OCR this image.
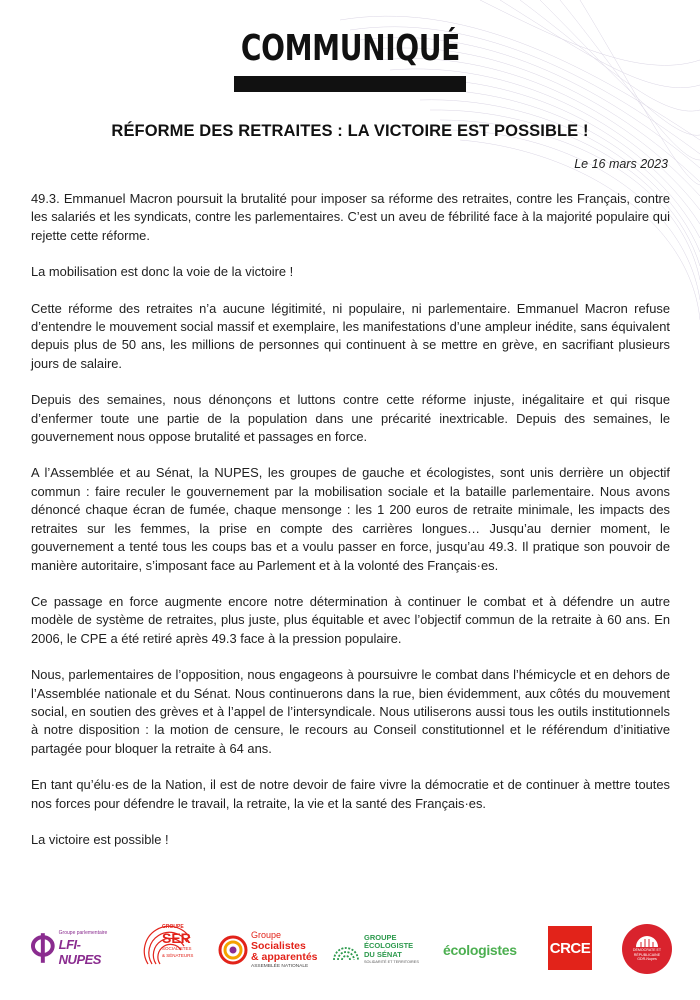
COMMUNIQUÉ
RÉFORME DES RETRAITES : LA VICTOIRE EST POSSIBLE !
Le 16 mars 2023

49.3. Emmanuel Macron poursuit la brutalité pour imposer sa réforme des retraites, contre les Français, contre les salariés et les syndicats, contre les parlementaires. C’est un aveu de fébrilité face à la majorité populaire qui rejette cette réforme.

La mobilisation est donc la voie de la victoire !

Cette réforme des retraites n’a aucune légitimité, ni populaire, ni parlementaire. Emmanuel Macron refuse d’entendre le mouvement social massif et exemplaire, les manifestations d’une ampleur inédite, sans équivalent depuis plus de 50 ans, les millions de personnes qui continuent à se mettre en grève, en sacrifiant plusieurs jours de salaire.

Depuis des semaines, nous dénonçons et luttons contre cette réforme injuste, inégalitaire et qui risque d’enfermer toute une partie de la population dans une précarité inextricable. Depuis des semaines, le gouvernement nous oppose brutalité et passages en force.

A l’Assemblée et au Sénat, la NUPES, les groupes de gauche et écologistes, sont unis derrière un objectif commun : faire reculer le gouvernement par la mobilisation sociale et la bataille parlementaire. Nous avons dénoncé chaque écran de fumée, chaque mensonge : les 1 200 euros de retraite minimale, les impacts des retraites sur les femmes, la prise en compte des carrières longues… Jusqu’au dernier moment, le gouvernement a tenté tous les coups bas et a voulu passer en force, jusqu’au 49.3. Il pratique son pouvoir de manière autoritaire, s’imposant face au Parlement et à la volonté des Français·es.

Ce passage en force augmente encore notre détermination à continuer le combat et à défendre un autre modèle de système de retraites, plus juste, plus équitable et avec l’objectif commun de la retraite à 60 ans. En 2006, le CPE a été retiré après 49.3 face à la pression populaire.

Nous, parlementaires de l’opposition, nous engageons à poursuivre le combat dans l’hémicycle et en dehors de l’Assemblée nationale et du Sénat. Nous continuerons dans la rue, bien évidemment, aux côtés du mouvement social, en soutien des grèves et à l’appel de l’intersyndicale. Nous utiliserons aussi tous les outils institutionnels à notre disposition : la motion de censure, le recours au Conseil constitutionnel et le référendum d’initiative partagée pour bloquer la retraite à 64 ans.

En tant qu’élu·es de la Nation, il est de notre devoir de faire vivre la démocratie et de continuer à mettre toutes nos forces pour défendre le travail, la retraite, la vie et la santé des Français·es.

La victoire est possible !

Groupe parlementaire
LFI-NUPES
GROUPE
SER
SOCIALISTES
& SÉNATEURS
Groupe
Socialistes
& apparentés
ASSEMBLÉE NATIONALE
GROUPE
ÉCOLOGISTE
DU SÉNAT
SOLIDARITÉ ET TERRITOIRES
écologistes CRCE	DÉMOCRATE ET
RÉPUBLICAINE
GDR-Nupes
